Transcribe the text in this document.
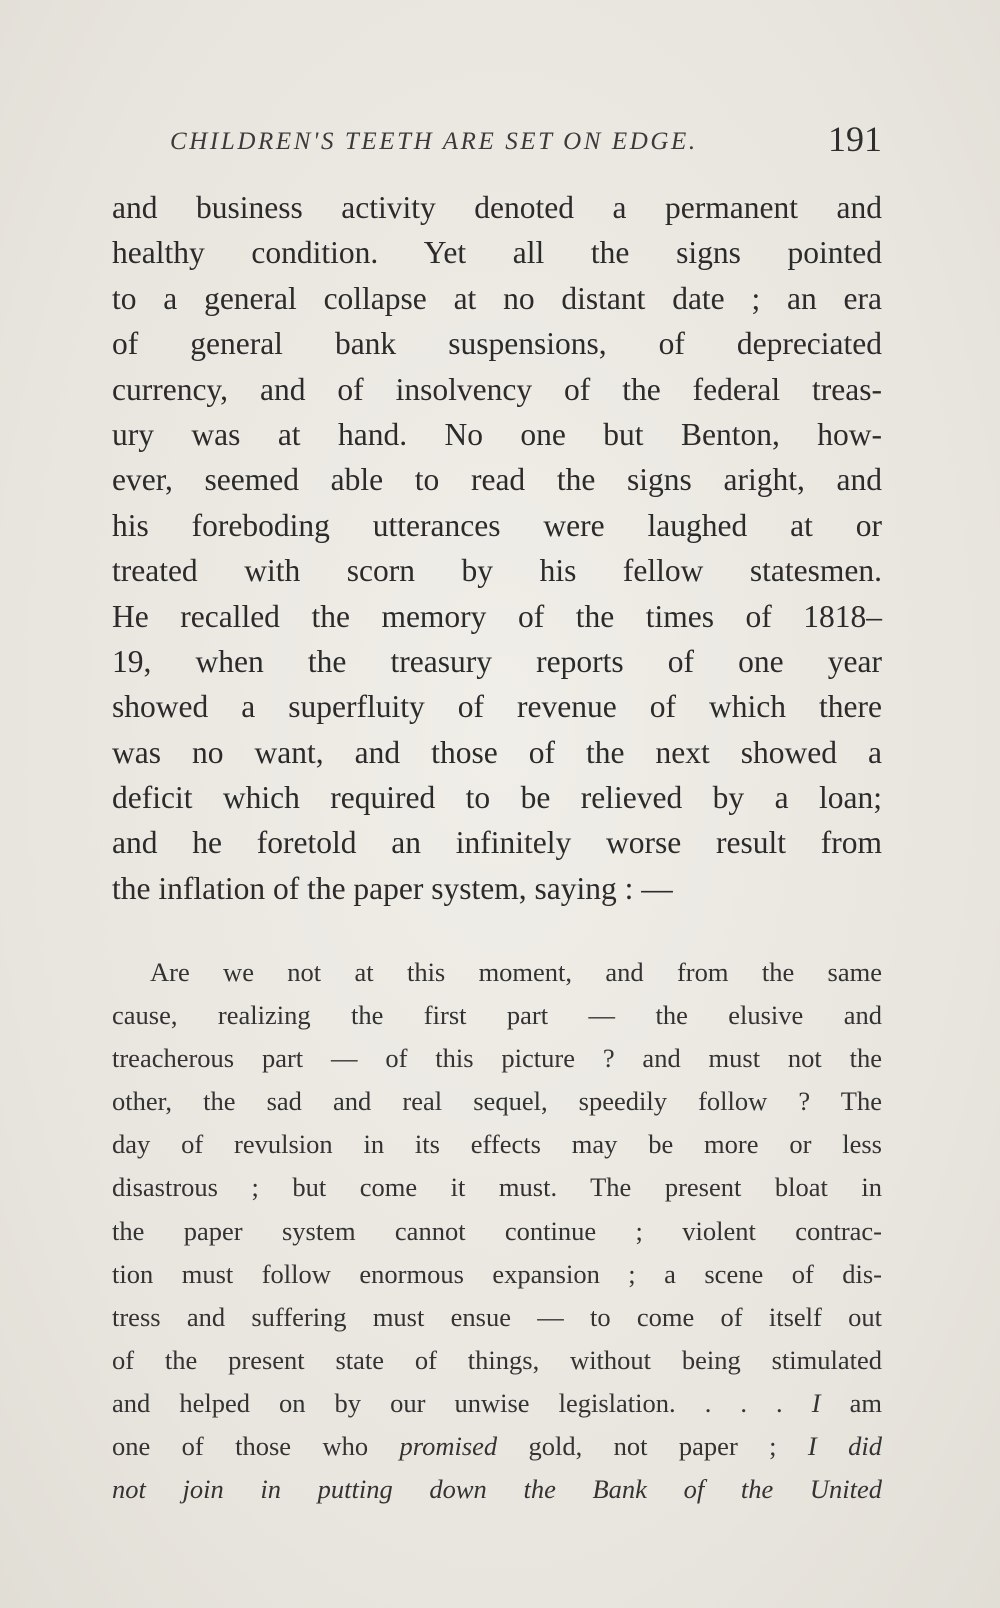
CHILDREN'S TEETH ARE SET ON EDGE.	191
and business activity denoted a permanent and
healthy condition. Yet all the signs pointed
to a general collapse at no distant date ; an era
of general bank suspensions, of depreciated
currency, and of insolvency of the federal treas-
ury was at hand. No one but Benton, how-
ever, seemed able to read the signs aright, and
his foreboding utterances were laughed at or
treated with scorn by his fellow statesmen.
He recalled the memory of the times of 1818–
19, when the treasury reports of one year
showed a superfluity of revenue of which there
was no want, and those of the next showed a
deficit which required to be relieved by a loan;
and he foretold an infinitely worse result from
the inflation of the paper system, saying : —
Are we not at this moment, and from the same
cause, realizing the first part — the elusive and
treacherous part — of this picture ? and must not the
other, the sad and real sequel, speedily follow ? The
day of revulsion in its effects may be more or less
disastrous ; but come it must. The present bloat in
the paper system cannot continue ; violent contrac-
tion must follow enormous expansion ; a scene of dis-
tress and suffering must ensue — to come of itself out
of the present state of things, without being stimulated
and helped on by our unwise legislation. . . . I am
one of those who promised gold, not paper ; I did
not join in putting down the Bank of the United
